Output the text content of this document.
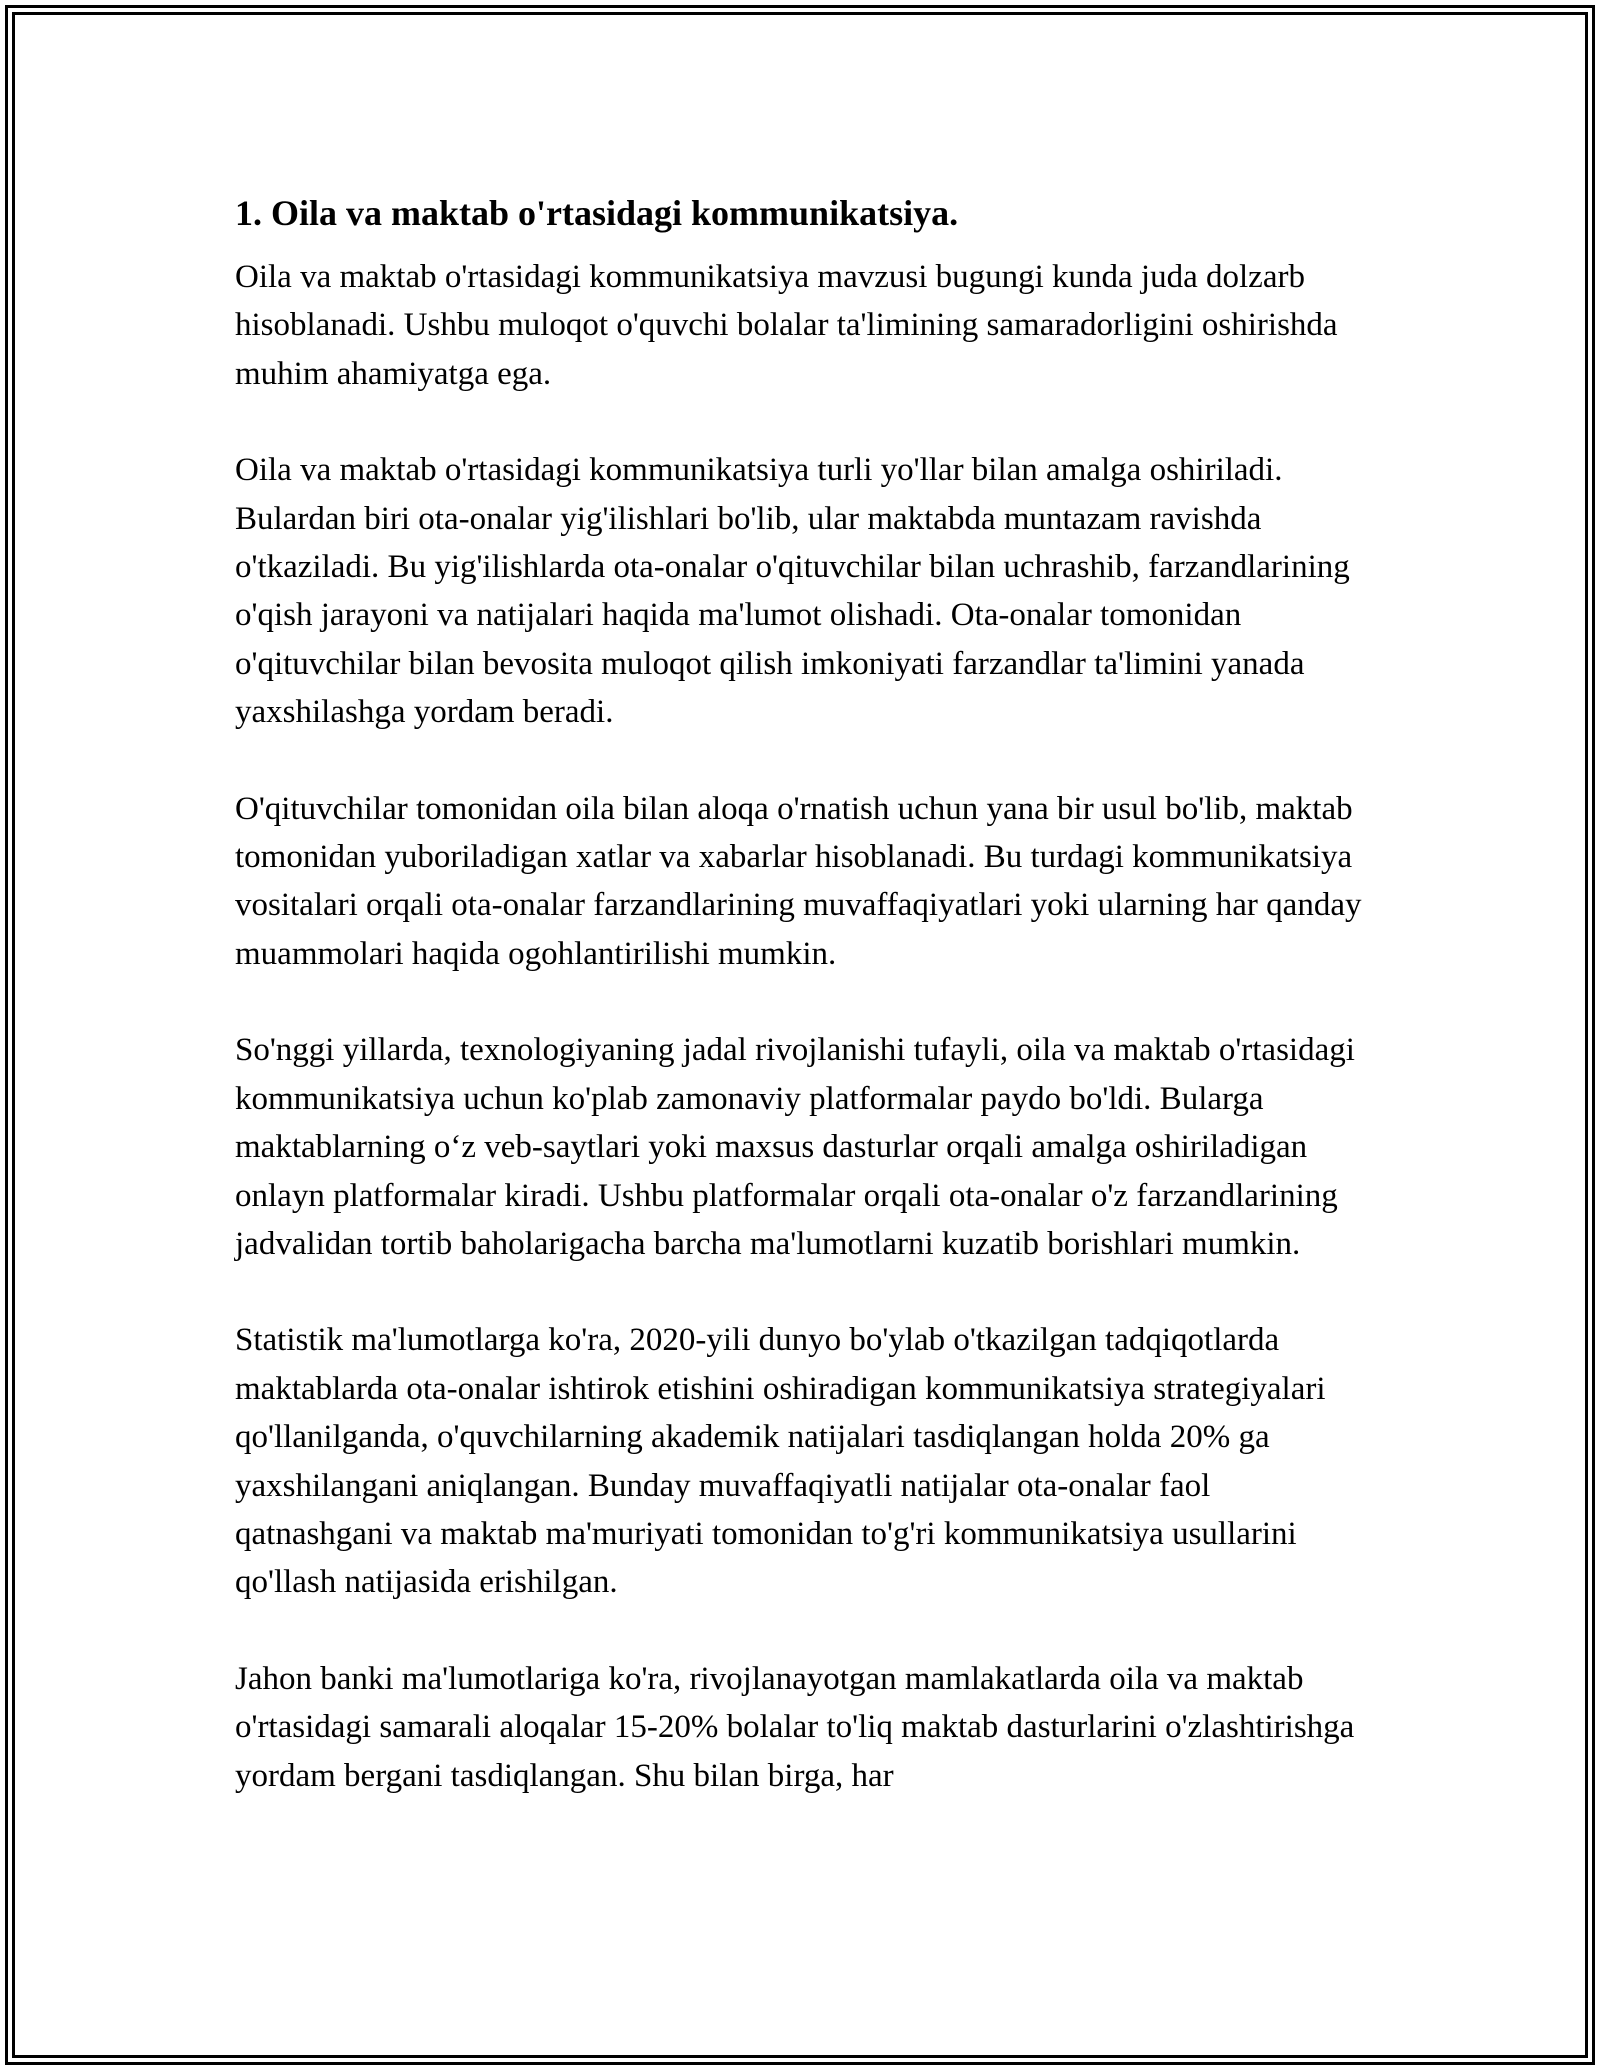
1. Oila va maktab o'rtasidagi kommunikatsiya.

Oila va maktab o'rtasidagi kommunikatsiya mavzusi bugungi kunda juda dolzarb hisoblanadi. Ushbu muloqot o'quvchi bolalar ta'limining samaradorligini oshirishda muhim ahamiyatga ega.

Oila va maktab o'rtasidagi kommunikatsiya turli yo'llar bilan amalga oshiriladi. Bulardan biri ota-onalar yig'ilishlari bo'lib, ular maktabda muntazam ravishda o'tkaziladi. Bu yig'ilishlarda ota-onalar o'qituvchilar bilan uchrashib, farzandlarining o'qish jarayoni va natijalari haqida ma'lumot olishadi. Ota-onalar tomonidan o'qituvchilar bilan bevosita muloqot qilish imkoniyati farzandlar ta'limini yanada yaxshilashga yordam beradi.

O'qituvchilar tomonidan oila bilan aloqa o'rnatish uchun yana bir usul bo'lib, maktab tomonidan yuboriladigan xatlar va xabarlar hisoblanadi. Bu turdagi kommunikatsiya vositalari orqali ota-onalar farzandlarining muvaffaqiyatlari yoki ularning har qanday muammolari haqida ogohlantirilishi mumkin.

So'nggi yillarda, texnologiyaning jadal rivojlanishi tufayli, oila va maktab o'rtasidagi kommunikatsiya uchun ko'plab zamonaviy platformalar paydo bo'ldi. Bularga maktablarning o‘z veb-saytlari yoki maxsus dasturlar orqali amalga oshiriladigan onlayn platformalar kiradi. Ushbu platformalar orqali ota-onalar o'z farzandlarining jadvalidan tortib baholarigacha barcha ma'lumotlarni kuzatib borishlari mumkin.

Statistik ma'lumotlarga ko'ra, 2020-yili dunyo bo'ylab o'tkazilgan tadqiqotlarda maktablarda ota-onalar ishtirok etishini oshiradigan kommunikatsiya strategiyalari qo'llanilganda, o'quvchilarning akademik natijalari tasdiqlangan holda 20% ga yaxshilangani aniqlangan. Bunday muvaffaqiyatli natijalar ota-onalar faol qatnashgani va maktab ma'muriyati tomonidan to'g'ri kommunikatsiya usullarini qo'llash natijasida erishilgan.

Jahon banki ma'lumotlariga ko'ra, rivojlanayotgan mamlakatlarda oila va maktab o'rtasidagi samarali aloqalar 15-20% bolalar to'liq maktab dasturlarini o'zlashtirishga yordam bergani tasdiqlangan. Shu bilan birga, har
